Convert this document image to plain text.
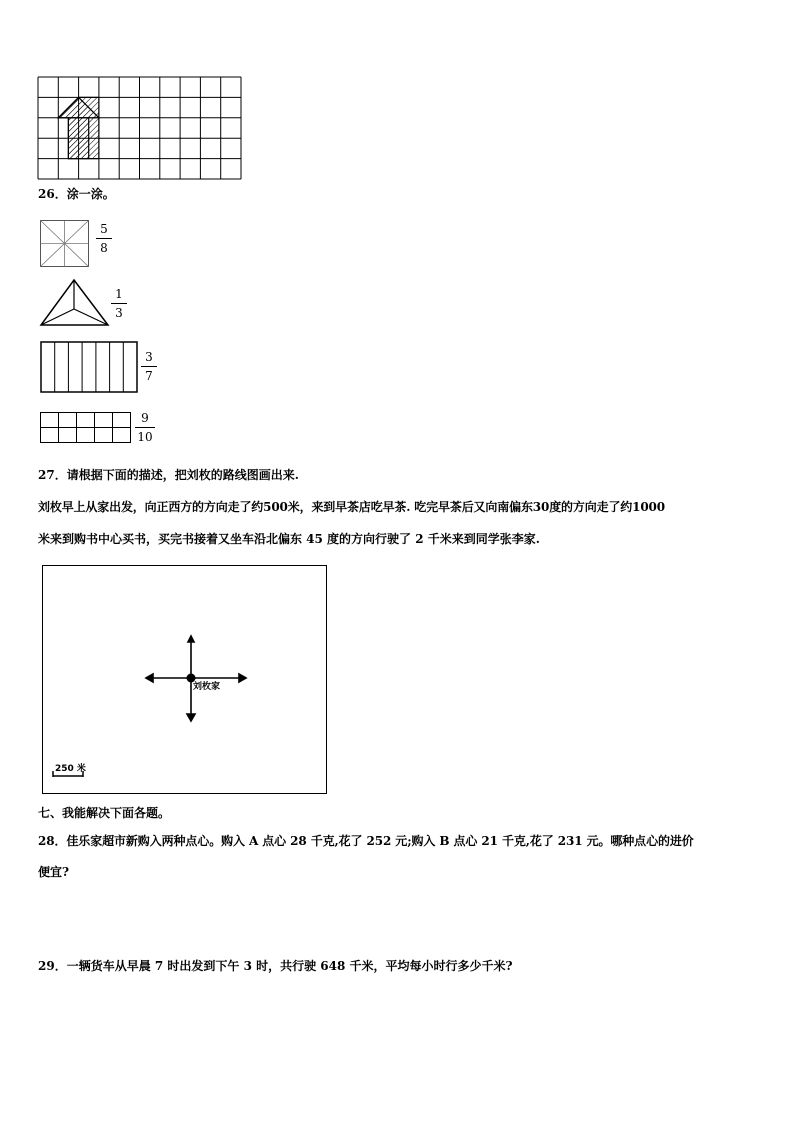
26．涂一涂。
$\frac{5}{8}$
$\frac{1}{3}$
$\frac{3}{7}$
$\frac{9}{10}$
27．请根据下面的描述，把刘枚的路线图画出来.
刘枚早上从家出发，向正西方的方向走了约500米，来到早茶店吃早茶. 吃完早茶后又向南偏东30度的方向走了约1000
米来到购书中心买书，买完书接着又坐车沿北偏东 45 度的方向行驶了 2 千米来到同学张李家.
刘枚家
250 米
七、我能解决下面各题。
28．佳乐家超市新购入两种点心。购入 A 点心 28 千克,花了 252 元;购入 B 点心 21 千克,花了 231 元。哪种点心的进价
便宜?
29．一辆货车从早晨 7 时出发到下午 3 时，共行驶 648 千米，平均每小时行多少千米?
